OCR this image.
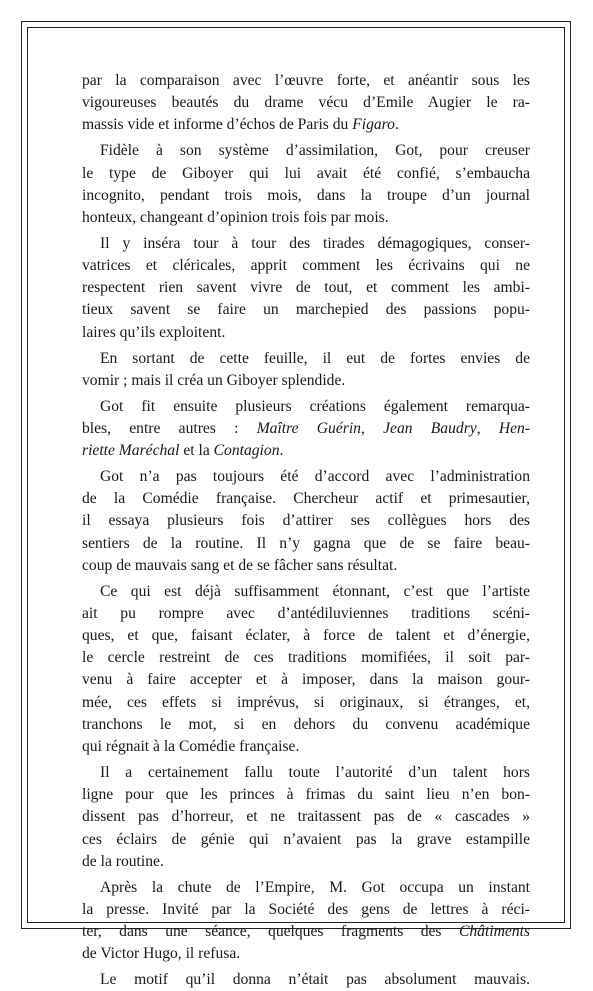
par la comparaison avec l’œuvre forte, et anéantir sous les
vigoureuses beautés du drame vécu d’Emile Augier le ra-
massis vide et informe d’échos de Paris du Figaro.
Fidèle à son système d’assimilation, Got, pour creuser
le type de Giboyer qui lui avait été confié, s’embaucha
incognito, pendant trois mois, dans la troupe d’un journal
honteux, changeant d’opinion trois fois par mois.
Il y inséra tour à tour des tirades démagogiques, conser-
vatrices et cléricales, apprit comment les écrivains qui ne
respectent rien savent vivre de tout, et comment les ambi-
tieux savent se faire un marchepied des passions popu-
laires qu’ils exploitent.
En sortant de cette feuille, il eut de fortes envies de
vomir ; mais il créa un Giboyer splendide.
Got fit ensuite plusieurs créations également remarqua-
bles, entre autres : Maître Guérin, Jean Baudry, Hen-
riette Maréchal et la Contagion.
Got n’a pas toujours été d’accord avec l’administration
de la Comédie française. Chercheur actif et primesautier,
il essaya plusieurs fois d’attirer ses collègues hors des
sentiers de la routine. Il n’y gagna que de se faire beau-
coup de mauvais sang et de se fâcher sans résultat.
Ce qui est déjà suffisamment étonnant, c’est que l’artiste
ait pu rompre avec d’antédiluviennes traditions scéni-
ques, et que, faisant éclater, à force de talent et d’énergie,
le cercle restreint de ces traditions momifiées, il soit par-
venu à faire accepter et à imposer, dans la maison gour-
mée, ces effets si imprévus, si originaux, si étranges, et,
tranchons le mot, si en dehors du convenu académique
qui régnait à la Comédie française.
Il a certainement fallu toute l’autorité d’un talent hors
ligne pour que les princes à frimas du saint lieu n’en bon-
dissent pas d’horreur, et ne traitassent pas de « cascades »
ces éclairs de génie qui n’avaient pas la grave estampille
de la routine.
Après la chute de l’Empire, M. Got occupa un instant
la presse. Invité par la Société des gens de lettres à réci-
ter, dans une séance, quelques fragments des Châtiments
de Victor Hugo, il refusa.
Le motif qu’il donna n’était pas absolument mauvais.
